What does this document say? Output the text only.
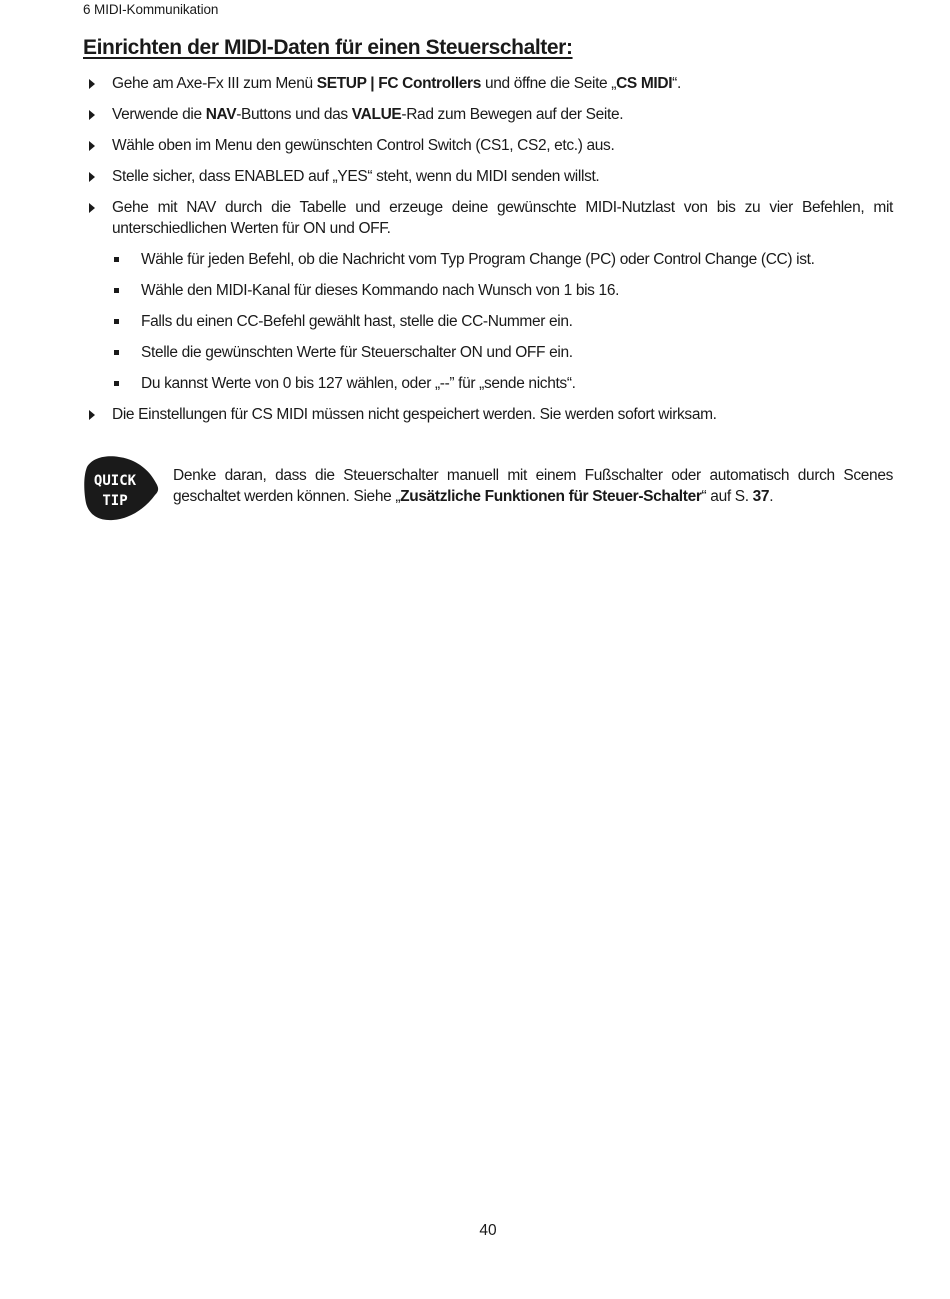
6 MIDI-Kommunikation
Einrichten der MIDI-Daten für einen Steuerschalter:
Gehe am Axe-Fx III zum Menü SETUP | FC Controllers und öffne die Seite „CS MIDI“.
Verwende die NAV-Buttons und das VALUE-Rad zum Bewegen auf der Seite.
Wähle oben im Menu den gewünschten Control Switch (CS1, CS2, etc.) aus.
Stelle sicher, dass ENABLED auf „YES“ steht, wenn du MIDI senden willst.
Gehe mit NAV durch die Tabelle und erzeuge deine gewünschte MIDI-Nutzlast von bis zu vier Befehlen, mit unterschiedlichen Werten für ON und OFF.
Wähle für jeden Befehl, ob die Nachricht vom Typ Program Change (PC) oder Control Change (CC) ist.
Wähle den MIDI-Kanal für dieses Kommando nach Wunsch von 1 bis 16.
Falls du einen CC-Befehl gewählt hast, stelle die CC-Nummer ein.
Stelle die gewünschten Werte für Steuerschalter ON und OFF ein.
Du kannst Werte von 0 bis 127 wählen, oder „--” für „sende nichts“.
Die Einstellungen für CS MIDI müssen nicht gespeichert werden. Sie werden sofort wirksam.
QUICK
TIP
Denke daran, dass die Steuerschalter manuell mit einem Fußschalter oder automatisch durch Scenes geschaltet werden können. Siehe „Zusätzliche Funktionen für Steuer-Schalter“ auf S. 37.
40
